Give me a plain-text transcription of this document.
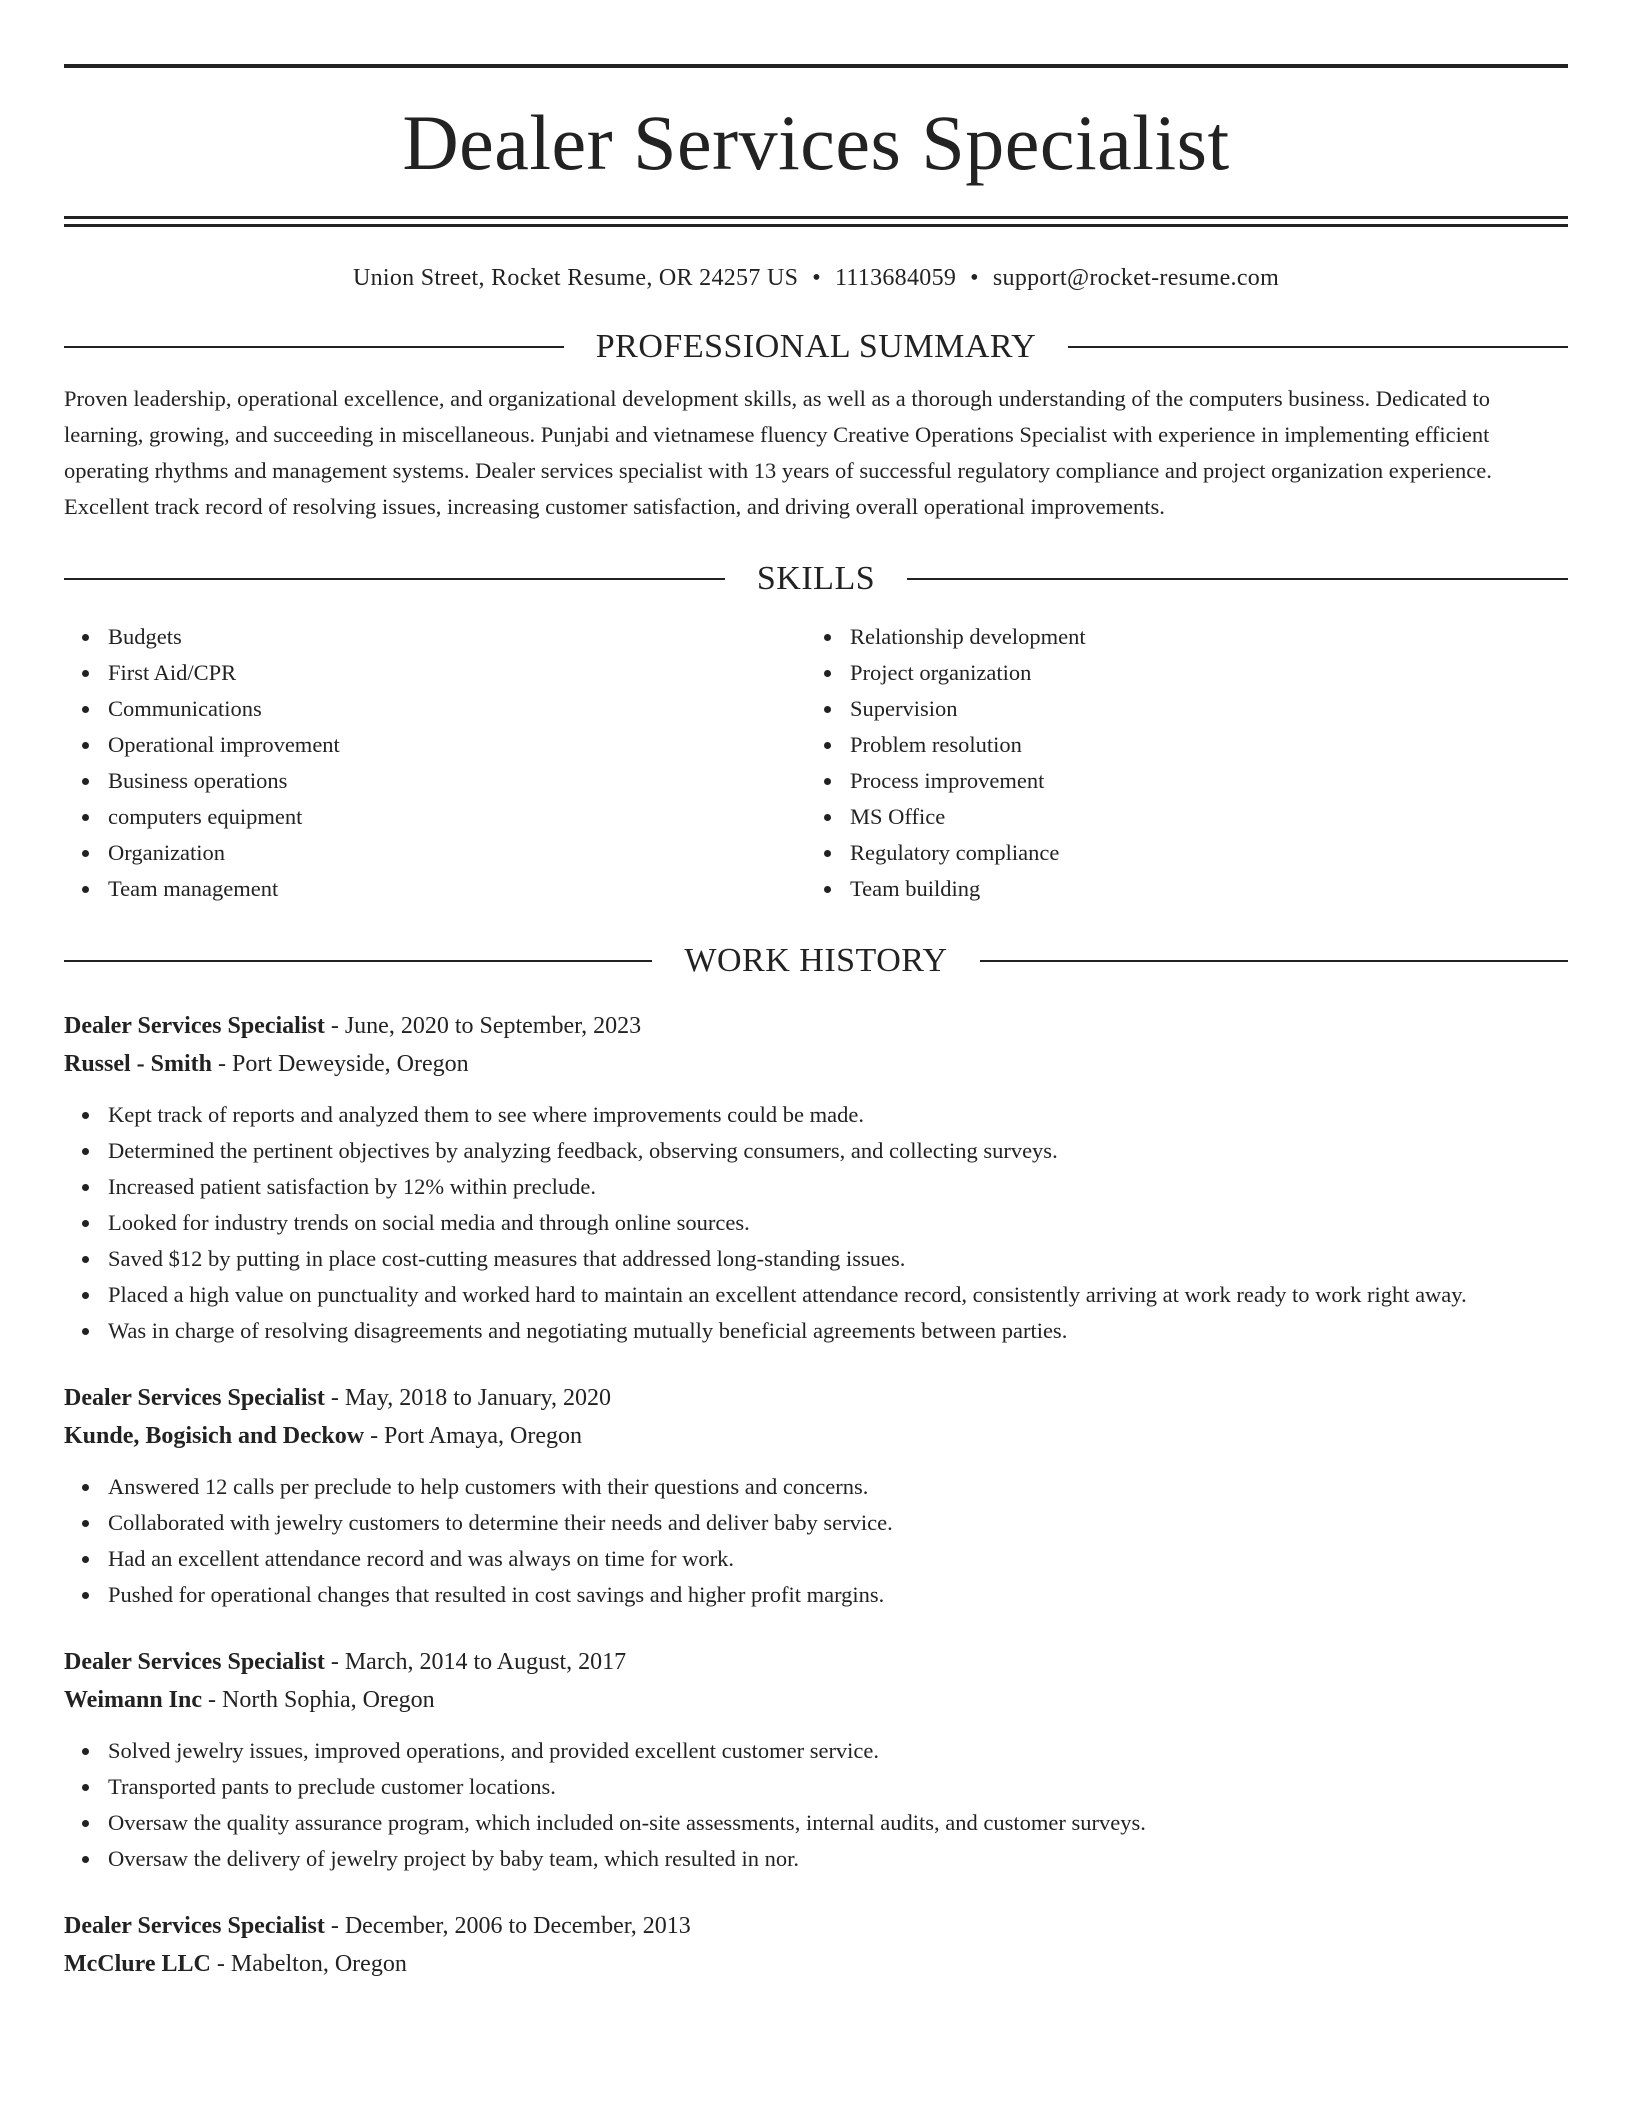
Dealer Services Specialist
Union Street, Rocket Resume, OR 24257 US • 1113684059 • support@rocket-resume.com
PROFESSIONAL SUMMARY
Proven leadership, operational excellence, and organizational development skills, as well as a thorough understanding of the computers business. Dedicated to learning, growing, and succeeding in miscellaneous. Punjabi and vietnamese fluency Creative Operations Specialist with experience in implementing efficient operating rhythms and management systems. Dealer services specialist with 13 years of successful regulatory compliance and project organization experience. Excellent track record of resolving issues, increasing customer satisfaction, and driving overall operational improvements.
SKILLS
Budgets
First Aid/CPR
Communications
Operational improvement
Business operations
computers equipment
Organization
Team management
Relationship development
Project organization
Supervision
Problem resolution
Process improvement
MS Office
Regulatory compliance
Team building
WORK HISTORY
Dealer Services Specialist - June, 2020 to September, 2023
Russel - Smith - Port Deweyside, Oregon
Kept track of reports and analyzed them to see where improvements could be made.
Determined the pertinent objectives by analyzing feedback, observing consumers, and collecting surveys.
Increased patient satisfaction by 12% within preclude.
Looked for industry trends on social media and through online sources.
Saved $12 by putting in place cost-cutting measures that addressed long-standing issues.
Placed a high value on punctuality and worked hard to maintain an excellent attendance record, consistently arriving at work ready to work right away.
Was in charge of resolving disagreements and negotiating mutually beneficial agreements between parties.
Dealer Services Specialist - May, 2018 to January, 2020
Kunde, Bogisich and Deckow - Port Amaya, Oregon
Answered 12 calls per preclude to help customers with their questions and concerns.
Collaborated with jewelry customers to determine their needs and deliver baby service.
Had an excellent attendance record and was always on time for work.
Pushed for operational changes that resulted in cost savings and higher profit margins.
Dealer Services Specialist - March, 2014 to August, 2017
Weimann Inc - North Sophia, Oregon
Solved jewelry issues, improved operations, and provided excellent customer service.
Transported pants to preclude customer locations.
Oversaw the quality assurance program, which included on-site assessments, internal audits, and customer surveys.
Oversaw the delivery of jewelry project by baby team, which resulted in nor.
Dealer Services Specialist - December, 2006 to December, 2013
McClure LLC - Mabelton, Oregon
